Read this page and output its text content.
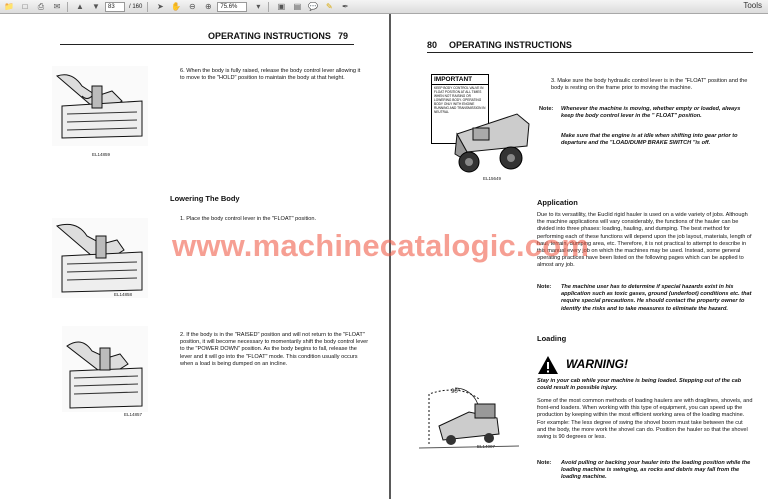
📁	□	⎙	✉	▲	▼	83	/ 160	➤ ✋ ⊖	⊕	75.6%	▾	▣	▤ 💬 ✎	✒	Tools
OPERATING INSTRUCTIONS 79
EL14859
6. When the body is fully raised, release the body control lever allowing it to move to the "HOLD" position to maintain the body at that height.
Lowering The Body
1. Place the body control lever in the "FLOAT" position.
EL14858
EL14857
2. If the body is in the "RAISED" position and will not return to the "FLOAT" position, it will become necessary to momentarily shift the body control lever to the "POWER DOWN" position. As the body begins to fall, release the lever and it will go into the "FLOAT" mode. This condition usually occurs when a load is being dumped on an incline.
80 OPERATING INSTRUCTIONS
IMPORTANT
KEEP BODY CONTROL VALVE IN FLOAT POSITION AT ALL TIMES WHEN NOT RAISING OR LOWERING BODY. OPERATING BODY ONLY WITH ENGINE RUNNING AND TRANSMISSION IN NEUTRAL
EL15649
3. Make sure the body hydraulic control lever is in the "FLOAT" position and the body is resting on the frame prior to moving the machine.
Note: Whenever the machine is moving, whether empty or loaded, always keep the body control lever in the " FLOAT" position.
Make sure that the engine is at idle when shifting into gear prior to departure and the "LOAD/DUMP BRAKE SWITCH "is off.
Application
Due to its versatility, the Euclid rigid hauler is used on a wide variety of jobs. Although the machine applications will vary considerably, the functions of the hauler can be divided into three phases: loading, hauling, and dumping. The best method for performing each of these functions will depend upon the job layout, materials, length of haul, terrain, dumping area, etc. Therefore, it is not practical to attempt to describe in this manual every job on which the machines may be used. Instead, some general operating practices have been listed on the following pages which can be applied to almost any job.
Note: The machine user has to determine if special hazards exist in his application such as toxic gases, ground (underfoot) conditions etc. that require special precautions. He should contact the property owner to identify the risks and to take measures to eliminate the hazard.
Loading
WARNING!
Stay in your cab while your machine is being loaded. Stepping out of the cab could result in possible injury.
Some of the most common methods of loading haulers are with draglines, shovels, and front-end loaders. When working with this type of equipment, you can speed up the production by keeping within the most efficient working area of the loading machine. For example: The less degree of swing the shovel boom must take between the cut and the body, the more work the shovel can do. Position the hauler so that the shovel swing is 90 degrees or less.
90°
EL14007
Note: Avoid pulling or backing your hauler into the loading position while the loading machine is swinging, as rocks and debris may fall from the loading machine.
www.machinecatalogic.com
